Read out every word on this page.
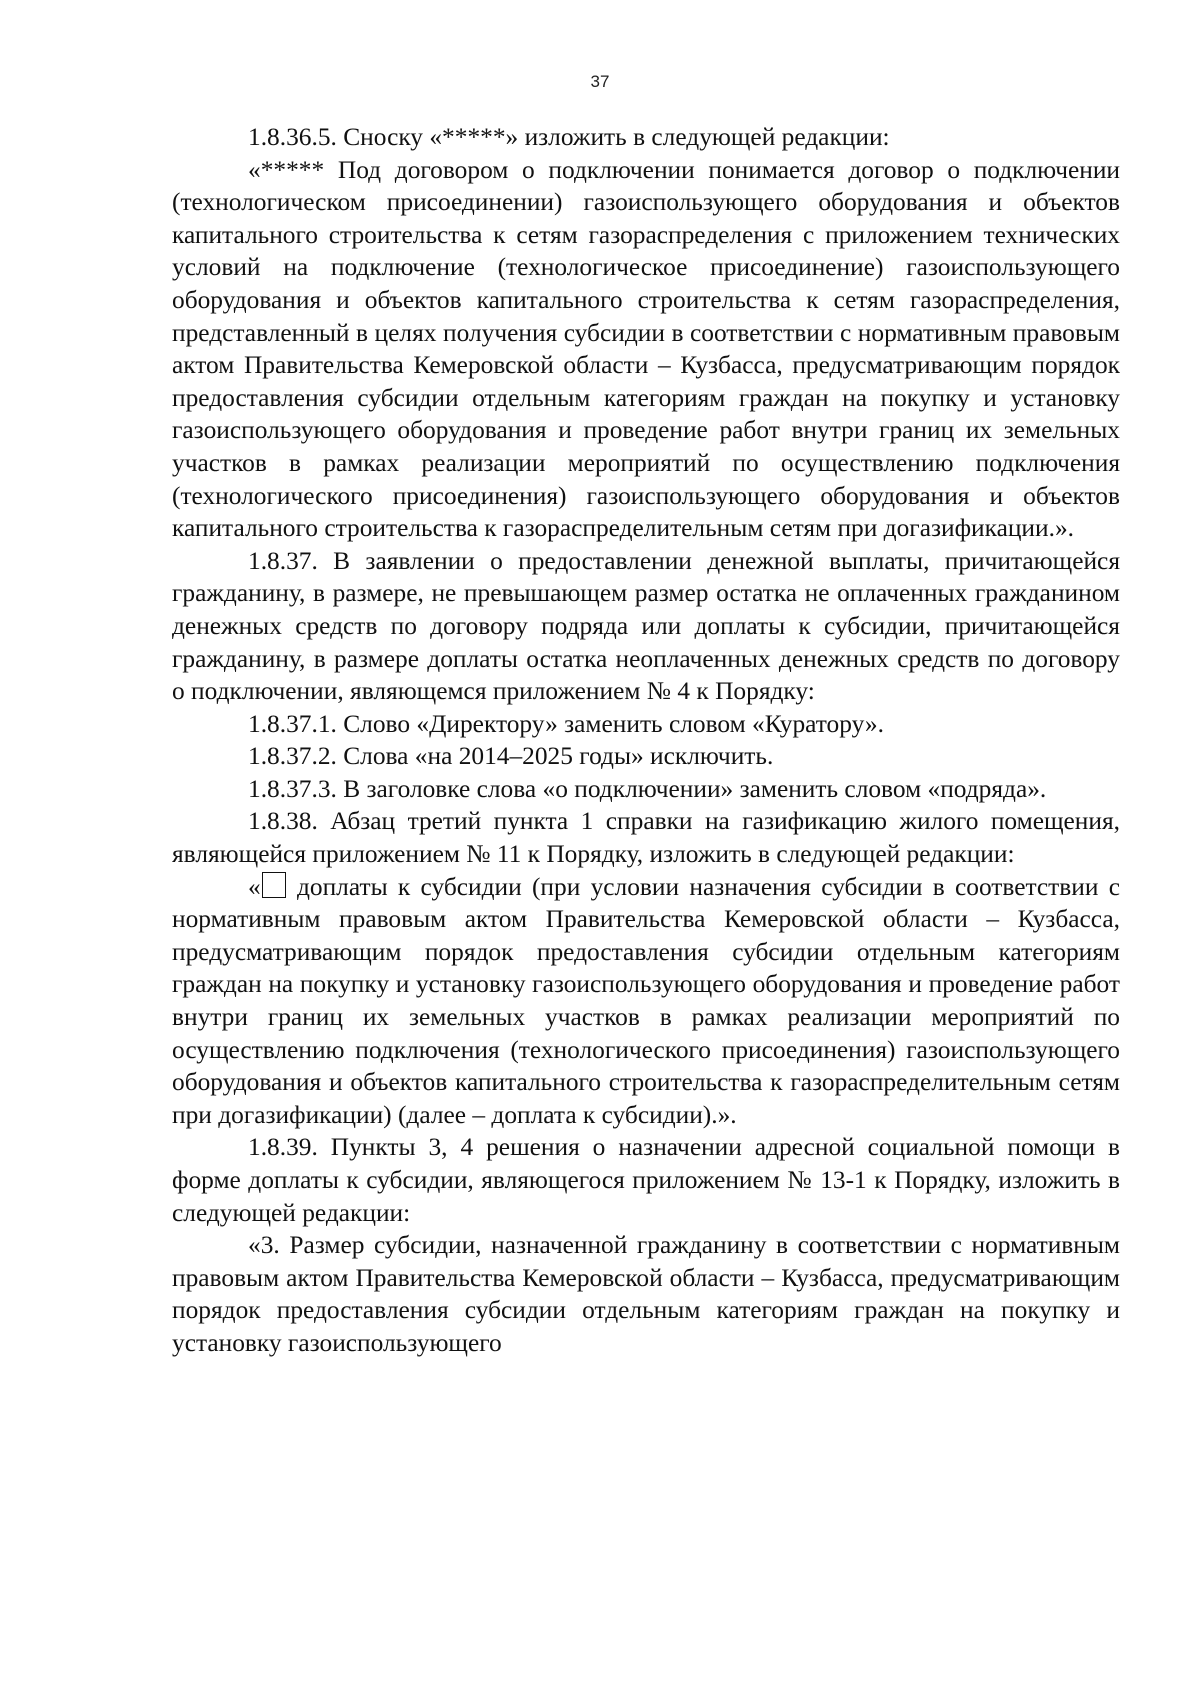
37

1.8.36.5. Сноску «*****» изложить в следующей редакции:

«***** Под договором о подключении понимается договор о подключении (технологическом присоединении) газоиспользующего оборудования и объектов капитального строительства к сетям газораспределения с приложением технических условий на подключение (технологическое присоединение) газоиспользующего оборудования и объектов капитального строительства к сетям газораспределения, представленный в целях получения субсидии в соответствии с нормативным правовым актом Правительства Кемеровской области – Кузбасса, предусматривающим порядок предоставления субсидии отдельным категориям граждан на покупку и установку газоиспользующего оборудования и проведение работ внутри границ их земельных участков в рамках реализации мероприятий по осуществлению подключения (технологического присоединения) газоиспользующего оборудования и объектов капитального строительства к газораспределительным сетям при догазификации.».

1.8.37. В заявлении о предоставлении денежной выплаты, причитающейся гражданину, в размере, не превышающем размер остатка не оплаченных гражданином денежных средств по договору подряда или доплаты к субсидии, причитающейся гражданину, в размере доплаты остатка неоплаченных денежных средств по договору о подключении, являющемся приложением № 4 к Порядку:

1.8.37.1. Слово «Директору» заменить словом «Куратору».

1.8.37.2. Слова «на 2014–2025 годы» исключить.

1.8.37.3. В заголовке слова «о подключении» заменить словом «подряда».

1.8.38. Абзац третий пункта 1 справки на газификацию жилого помещения, являющейся приложением № 11 к Порядку, изложить в следующей редакции:

« доплаты к субсидии (при условии назначения субсидии в соответствии с нормативным правовым актом Правительства Кемеровской области – Кузбасса, предусматривающим порядок предоставления субсидии отдельным категориям граждан на покупку и установку газоиспользующего оборудования и проведение работ внутри границ их земельных участков в рамках реализации мероприятий по осуществлению подключения (технологического присоединения) газоиспользующего оборудования и объектов капитального строительства к газораспределительным сетям при догазификации) (далее – доплата к субсидии).».

1.8.39. Пункты 3, 4 решения о назначении адресной социальной помощи в форме доплаты к субсидии, являющегося приложением № 13-1 к Порядку, изложить в следующей редакции:

«3. Размер субсидии, назначенной гражданину в соответствии с нормативным правовым актом Правительства Кемеровской области – Кузбасса, предусматривающим порядок предоставления субсидии отдельным категориям граждан на покупку и установку газоиспользующего
